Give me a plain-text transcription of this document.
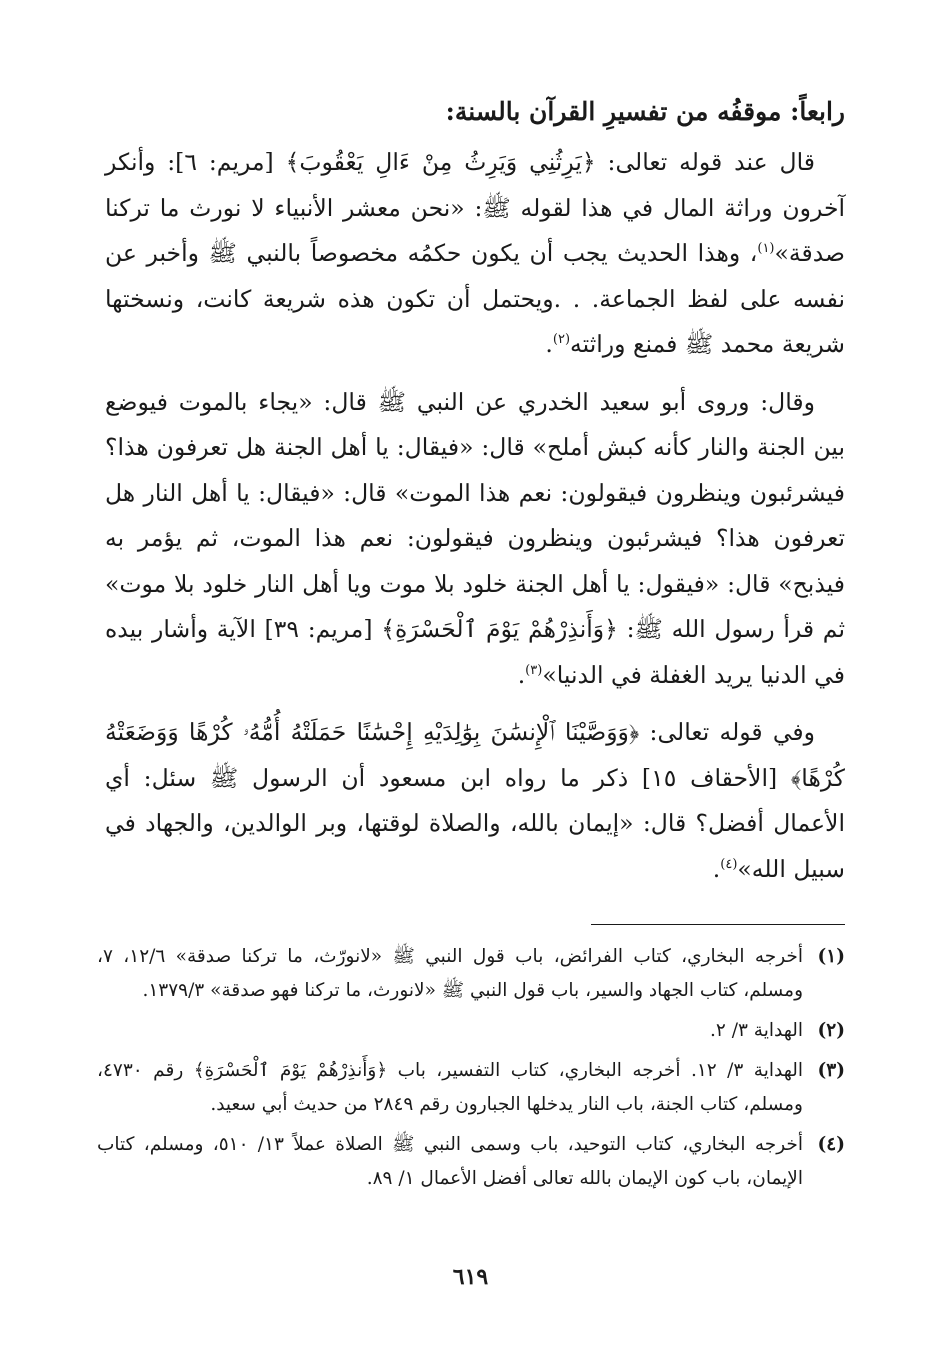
رابعاً: موقفُه من تفسيرِ القرآن بالسنة:

قال عند قوله تعالى: ﴿يَرِثُنِي وَيَرِثُ مِنْ ءَالِ يَعْقُوبَ﴾ [مريم: ٦]: وأنكر آخرون وراثة المال في هذا لقوله ﷺ: «نحن معشر الأنبياء لا نورث ما تركنا صدقة»$^{(١)}$، وهذا الحديث يجب أن يكون حكمُه مخصوصاً بالنبي ﷺ وأخبر عن نفسه على لفظ الجماعة. . .ويحتمل أن تكون هذه شريعة كانت، ونسختها شريعة محمد ﷺ فمنع وراثته$^{(٢)}$.

وقال: وروى أبو سعيد الخدري عن النبي ﷺ قال: «يجاء بالموت فيوضع بين الجنة والنار كأنه كبش أملح» قال: «فيقال: يا أهل الجنة هل تعرفون هذا؟ فيشرئبون وينظرون فيقولون: نعم هذا الموت» قال: «فيقال: يا أهل النار هل تعرفون هذا؟ فيشرئبون وينظرون فيقولون: نعم هذا الموت، ثم يؤمر به فيذبح» قال: «فيقول: يا أهل الجنة خلود بلا موت ويا أهل النار خلود بلا موت» ثم قرأ رسول الله ﷺ: ﴿وَأَنذِرْهُمْ يَوْمَ ٱلْحَسْرَةِ﴾ [مريم: ٣٩] الآية وأشار بيده في الدنيا يريد الغفلة في الدنيا»$^{(٣)}$.

وفي قوله تعالى: ﴿وَوَصَّيْنَا ٱلْإِنسَٰنَ بِوَٰلِدَيْهِ إِحْسَٰنًا حَمَلَتْهُ أُمُّهُۥ كُرْهًا وَوَضَعَتْهُ كُرْهًا﴾ [الأحقاف ١٥] ذكر ما رواه ابن مسعود أن الرسول ﷺ سئل: أي الأعمال أفضل؟ قال: «إيمان بالله، والصلاة لوقتها، وبر الوالدين، والجهاد في سبيل الله»$^{(٤)}$.

(١)
أخرجه البخاري، كتاب الفرائض، باب قول النبي ﷺ «لانورّث، ما تركنا صدقة» ١٢/٦، ٧، ومسلم، كتاب الجهاد والسير، باب قول النبي ﷺ «لانورث، ما تركنا فهو صدقة» ١٣٧٩/٣.
(٢)
الهداية ٣/ ٢.
(٣)
الهداية ٣/ ١٢. أخرجه البخاري، كتاب التفسير، باب ﴿وَأَنذِرْهُمْ يَوْمَ ٱلْحَسْرَةِ﴾ رقم ٤٧٣٠، ومسلم، كتاب الجنة، باب النار يدخلها الجبارون رقم ٢٨٤٩ من حديث أبي سعيد.
(٤)
أخرجه البخاري، كتاب التوحيد، باب وسمى النبي ﷺ الصلاة عملاً ١٣/ ٥١٠، ومسلم، كتاب الإيمان، باب كون الإيمان بالله تعالى أفضل الأعمال ١/ ٨٩.
٦١٩
